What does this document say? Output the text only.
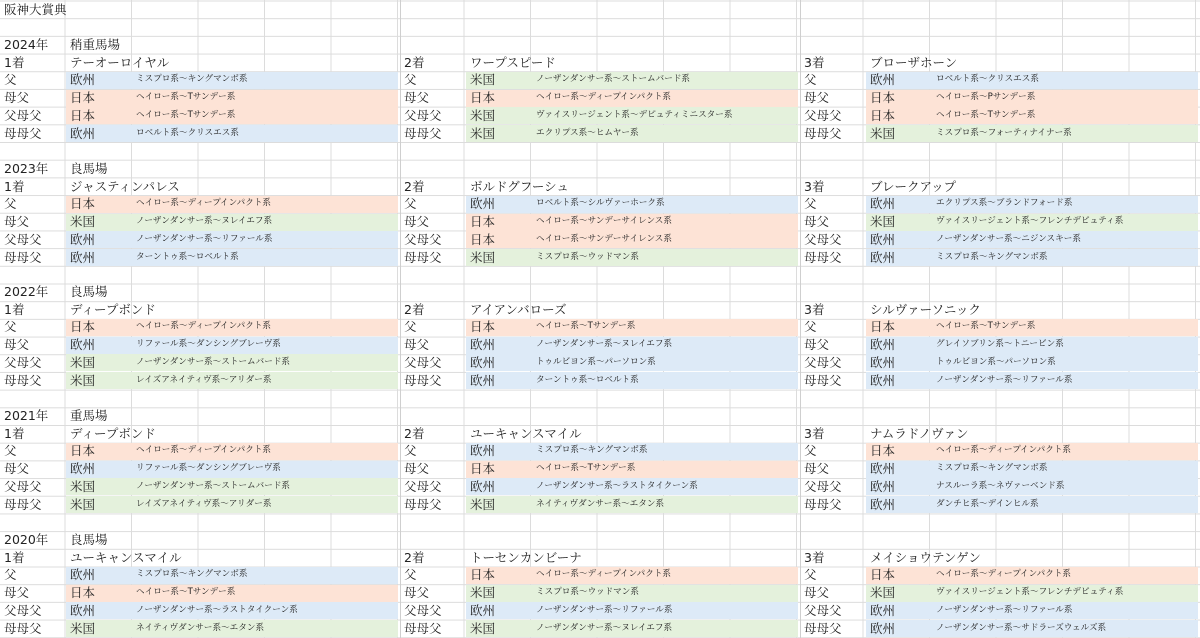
阪神大賞典
2024年	稍重馬場
1着	テーオーロイヤル
父	欧州	ミスプロ系〜キングマンボ系
母父	日本	ヘイロー系〜Tサンデー系
父母父	日本	ヘイロー系〜Tサンデー系
母母父	欧州	ロベルト系〜クリスエス系
2着	ワープスピード
父	米国	ノーザンダンサー系〜ストームバード系
母父	日本	ヘイロー系〜ディープインパクト系
父母父	米国	ヴァイスリージェント系〜デピュティミニスター系
母母父	米国	エクリプス系〜ヒムヤー系
3着	ブローザホーン
父	欧州	ロベルト系〜クリスエス系
母父	日本	ヘイロー系〜Pサンデー系
父母父	日本	ヘイロー系〜Tサンデー系
母母父	米国	ミスプロ系〜フォーティナイナー系
2023年	良馬場
1着	ジャスティンパレス
父	日本	ヘイロー系〜ディープインパクト系
母父	米国	ノーザンダンサー系〜ヌレイエフ系
父母父	欧州	ノーザンダンサー系〜リファール系
母母父	欧州	ターントゥ系〜ロベルト系
2着	ボルドグフーシュ
父	欧州	ロベルト系〜シルヴァーホーク系
母父	日本	ヘイロー系〜サンデーサイレンス系
父母父	日本	ヘイロー系〜サンデーサイレンス系
母母父	米国	ミスプロ系〜ウッドマン系
3着	ブレークアップ
父	欧州	エクリプス系〜ブランドフォード系
母父	米国	ヴァイスリージェント系〜フレンチデピュティ系
父母父	欧州	ノーザンダンサー系〜ニジンスキー系
母母父	欧州	ミスプロ系〜キングマンボ系
2022年	良馬場
1着	ディープボンド
父	日本	ヘイロー系〜ディープインパクト系
母父	欧州	リファール系〜ダンシングブレーヴ系
父母父	米国	ノーザンダンサー系〜ストームバード系
母母父	米国	レイズアネイティヴ系〜アリダー系
2着	アイアンバローズ
父	日本	ヘイロー系〜Tサンデー系
母父	欧州	ノーザンダンサー系〜ヌレイエフ系
父母父	欧州	トゥルビヨン系〜パーソロン系
母母父	欧州	ターントゥ系〜ロベルト系
3着	シルヴァーソニック
父	日本	ヘイロー系〜Tサンデー系
母父	欧州	グレイソブリン系〜トニービン系
父母父	欧州	トゥルビヨン系〜パーソロン系
母母父	欧州	ノーザンダンサー系〜リファール系
2021年	重馬場
1着	ディープボンド
父	日本	ヘイロー系〜ディープインパクト系
母父	欧州	リファール系〜ダンシングブレーヴ系
父母父	米国	ノーザンダンサー系〜ストームバード系
母母父	米国	レイズアネイティヴ系〜アリダー系
2着	ユーキャンスマイル
父	欧州	ミスプロ系〜キングマンボ系
母父	日本	ヘイロー系〜Tサンデー系
父母父	欧州	ノーザンダンサー系〜ラストタイクーン系
母母父	米国	ネイティヴダンサー系〜エタン系
3着	ナムラドノヴァン
父	日本	ヘイロー系〜ディープインパクト系
母父	欧州	ミスプロ系〜キングマンボ系
父母父	欧州	ナスルーラ系〜ネヴァーベンド系
母母父	欧州	ダンチヒ系〜デインヒル系
2020年	良馬場
1着	ユーキャンスマイル
父	欧州	ミスプロ系〜キングマンボ系
母父	日本	ヘイロー系〜Tサンデー系
父母父	欧州	ノーザンダンサー系〜ラストタイクーン系
母母父	米国	ネイティヴダンサー系〜エタン系
2着	トーセンカンビーナ
父	日本	ヘイロー系〜ディープインパクト系
母父	米国	ミスプロ系〜ウッドマン系
父母父	欧州	ノーザンダンサー系〜リファール系
母母父	米国	ノーザンダンサー系〜ヌレイエフ系
3着	メイショウテンゲン
父	日本	ヘイロー系〜ディープインパクト系
母父	米国	ヴァイスリージェント系〜フレンチデピュティ系
父母父	欧州	ノーザンダンサー系〜リファール系
母母父	欧州	ノーザンダンサー系〜サドラーズウェルズ系
